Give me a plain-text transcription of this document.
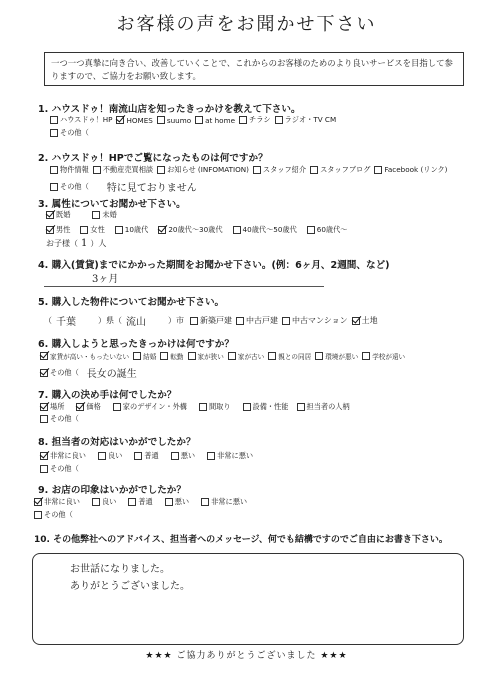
お客様の声をお聞かせ下さい
一つ一つ真摯に向き合い、改善していくことで、これからのお客様のためのより良いサービスを目指して参りますので、ご協力をお願い致します。
1. ハウスドゥ！南流山店を知ったきっかけを教えて下さい。
ハウスドゥ！HP HOMES suumo at home チラシ ラジオ・TV CM
その他（
2. ハウスドゥ！HPでご覧になったものは何ですか？
物件情報 不動産売買相談 お知らせ (INFOMATION) スタッフ紹介 スタッフブログ Facebook (リンク)
その他（ 特に見ておりません
3. 属性についてお聞かせ下さい。
既婚	未婚
男性	女性	10歳代	20歳代〜30歳代	40歳代〜50歳代	60歳代〜
お子様（ 1 ）人
4. 購入(賃貸)までにかかった期間をお聞かせ下さい。(例：6ヶ月、2週間、など)
3ヶ月
5. 購入した物件についてお聞かせ下さい。
（ 千葉	）県（ 流山	）市 新築戸建 中古戸建 中古マンション 土地
6. 購入しようと思ったきっかけは何ですか？
家賃が高い・もったいない 結婚 転勤 家が狭い 家が古い 親との同居 環境が悪い 学校が遠い
その他（ 長女の誕生
7. 購入の決め手は何でしたか？
場所	価格	家のデザイン・外構	間取り	設備・性能	担当者の人柄
その他（
8. 担当者の対応はいかがでしたか？
非常に良い	良い	普通	悪い	非常に悪い
その他（
9. お店の印象はいかがでしたか？
非常に良い	良い	普通	悪い	非常に悪い
その他（
10. その他弊社へのアドバイス、担当者へのメッセージ、何でも結構ですのでご自由にお書き下さい。
お世話になりました。
ありがとうございました。
★★★ ご協力ありがとうございました ★★★
